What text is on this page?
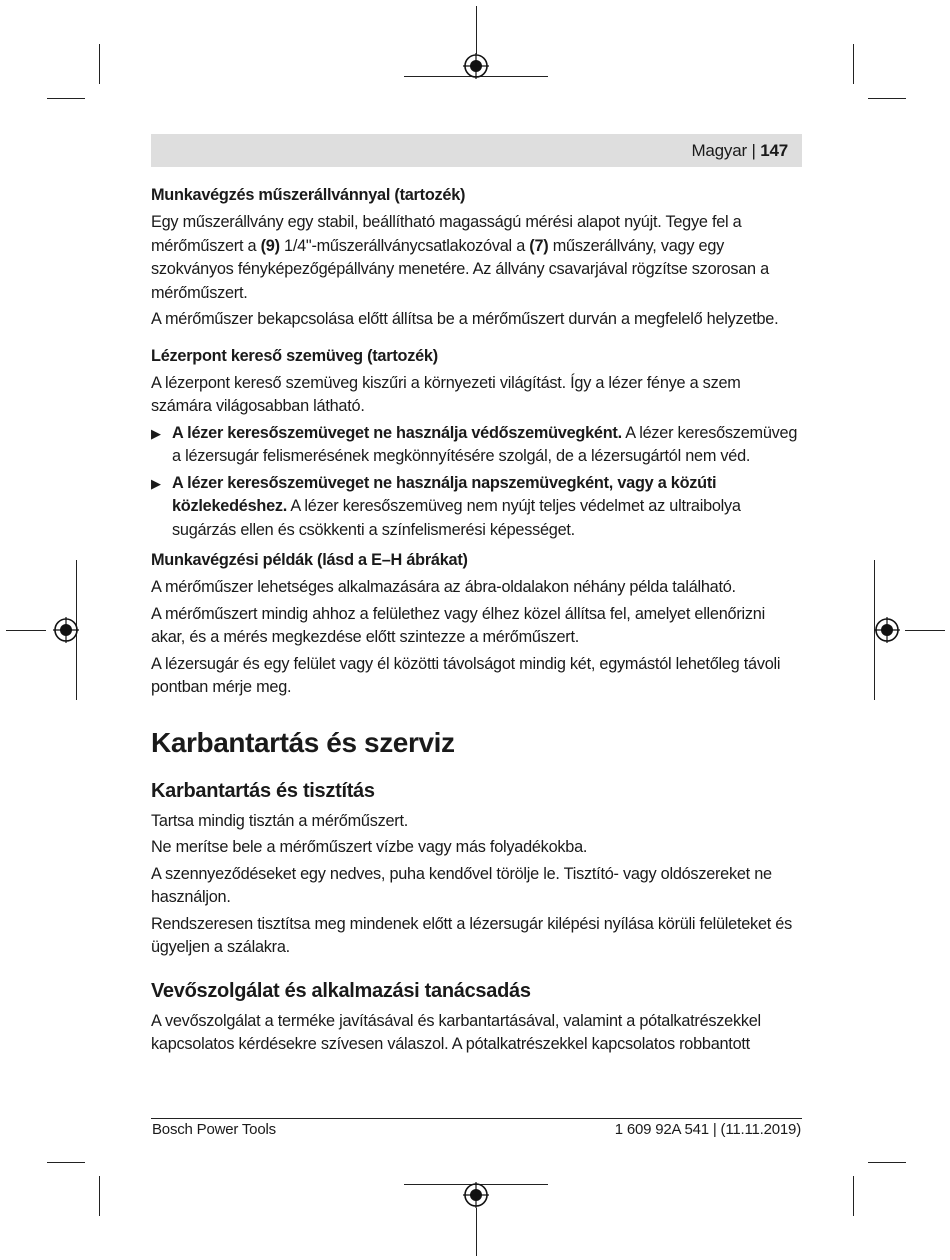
Magyar | 147
Munkavégzés műszerállvánnyal (tartozék)

Egy műszerállvány egy stabil, beállítható magasságú mérési alapot nyújt. Tegye fel a mérőműszert a (9) 1/4"-műszerállványcsatlakozóval a (7) műszerállvány, vagy egy szokványos fényképezőgépállvány menetére. Az állvány csavarjával rögzítse szorosan a mérőműszert.

A mérőműszer bekapcsolása előtt állítsa be a mérőműszert durván a megfelelő helyzetbe.

Lézerpont kereső szemüveg (tartozék)

A lézerpont kereső szemüveg kiszűri a környezeti világítást. Így a lézer fénye a szem számára világosabban látható.

▶ A lézer keresőszemüveget ne használja védőszemüvegként. A lézer keresőszemüveg a lézersugár felismerésének megkönnyítésére szolgál, de a lézersugártól nem véd.

▶ A lézer keresőszemüveget ne használja napszemüvegként, vagy a közúti közlekedéshez. A lézer keresőszemüveg nem nyújt teljes védelmet az ultraibolya sugárzás ellen és csökkenti a színfelismerési képességet.

Munkavégzési példák (lásd a E–H ábrákat)

A mérőműszer lehetséges alkalmazására az ábra-oldalakon néhány példa található.

A mérőműszert mindig ahhoz a felülethez vagy élhez közel állítsa fel, amelyet ellenőrizni akar, és a mérés megkezdése előtt szintezze a mérőműszert.

A lézersugár és egy felület vagy él közötti távolságot mindig két, egymástól lehetőleg távoli pontban mérje meg.

Karbantartás és szerviz
Karbantartás és tisztítás

Tartsa mindig tisztán a mérőműszert.

Ne merítse bele a mérőműszert vízbe vagy más folyadékokba.

A szennyeződéseket egy nedves, puha kendővel törölje le. Tisztító- vagy oldószereket ne használjon.

Rendszeresen tisztítsa meg mindenek előtt a lézersugár kilépési nyílása körüli felületeket és ügyeljen a szálakra.

Vevőszolgálat és alkalmazási tanácsadás

A vevőszolgálat a terméke javításával és karbantartásával, valamint a pótalkatrészekkel kapcsolatos kérdésekre szívesen válaszol. A pótalkatrészekkel kapcsolatos robbantott

Bosch Power Tools	1 609 92A 541 | (11.11.2019)
